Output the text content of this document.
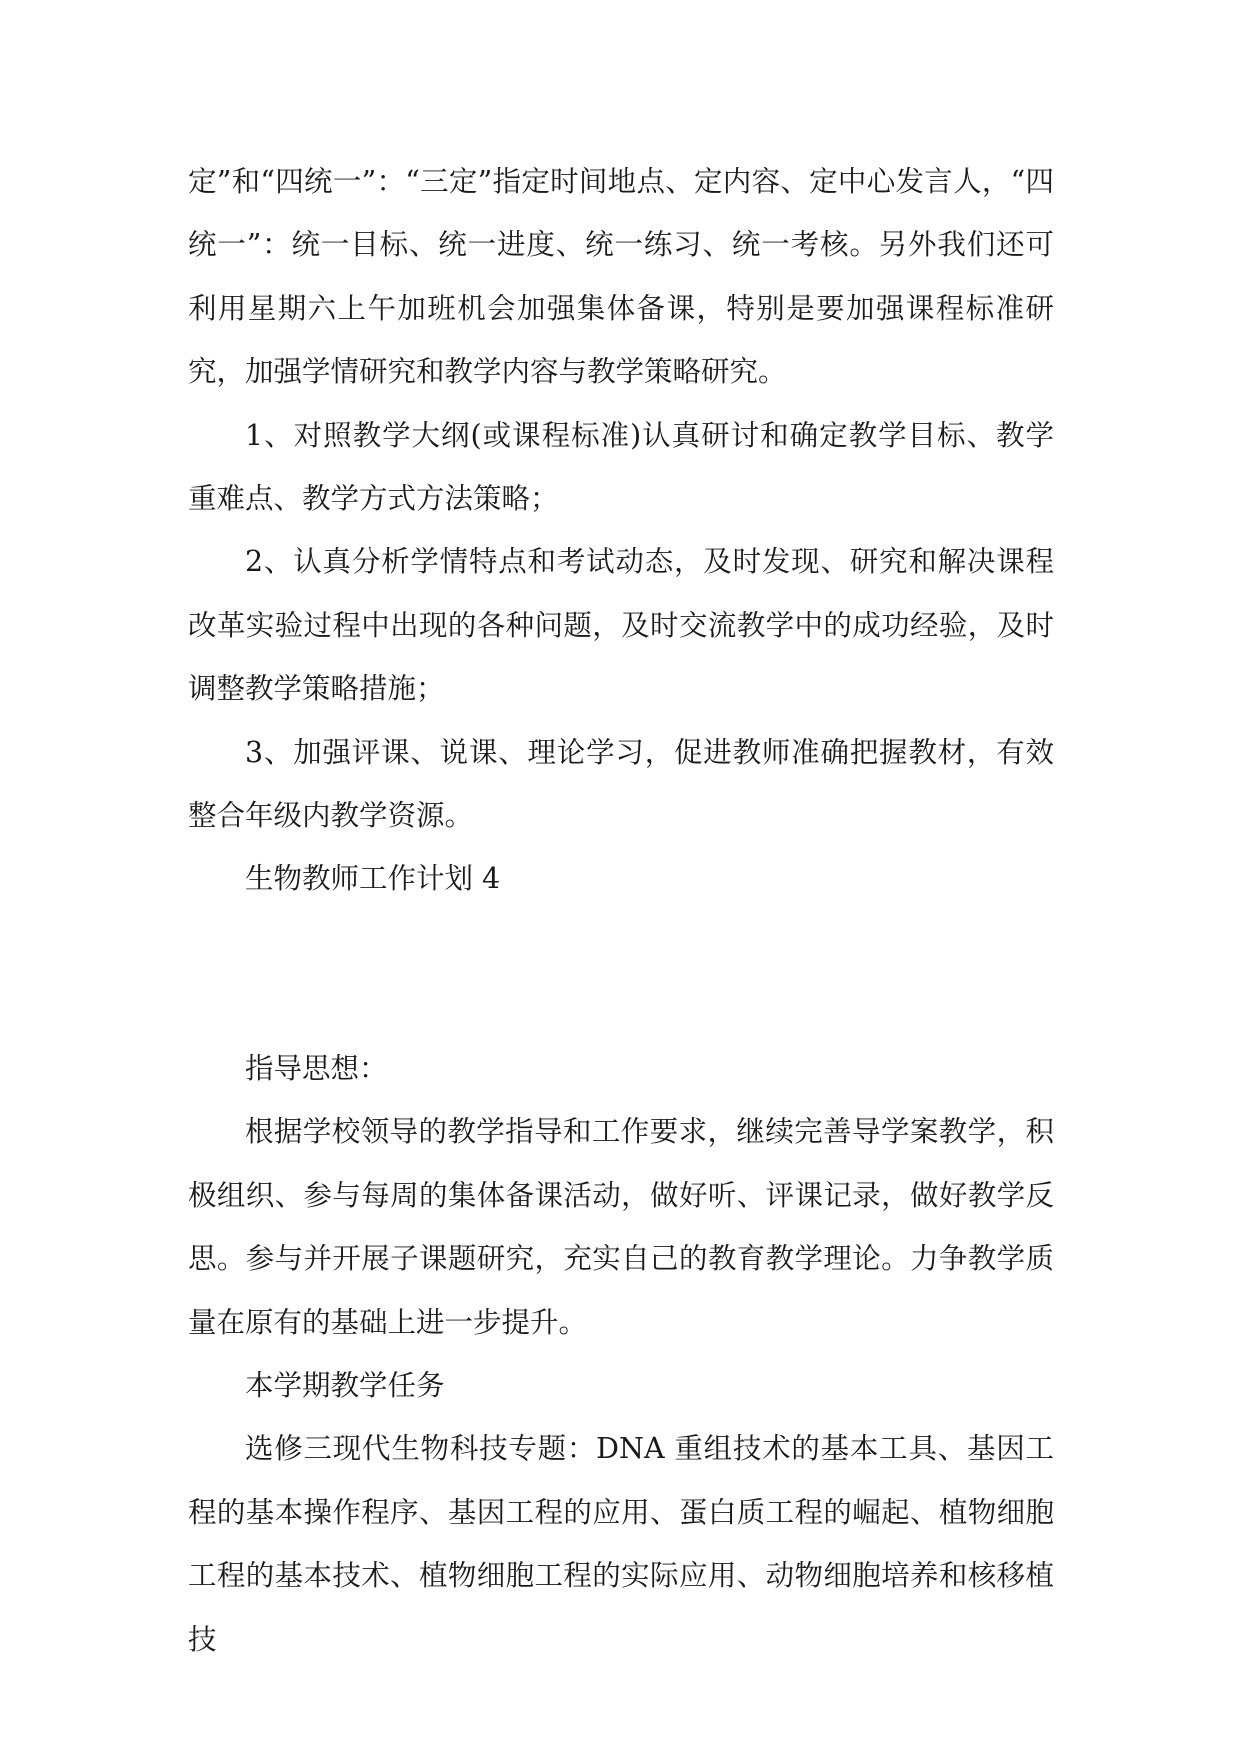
定”和“四统一”：“三定”指定时间地点、定内容、定中心发言人，“四统一”：统一目标、统一进度、统一练习、统一考核。另外我们还可利用星期六上午加班机会加强集体备课，特别是要加强课程标准研究，加强学情研究和教学内容与教学策略研究。

1、对照教学大纲(或课程标准)认真研讨和确定教学目标、教学重难点、教学方式方法策略；

2、认真分析学情特点和考试动态，及时发现、研究和解决课程改革实验过程中出现的各种问题，及时交流教学中的成功经验，及时调整教学策略措施；

3、加强评课、说课、理论学习，促进教师准确把握教材，有效整合年级内教学资源。

生物教师工作计划 4

指导思想：

根据学校领导的教学指导和工作要求，继续完善导学案教学，积极组织、参与每周的集体备课活动，做好听、评课记录，做好教学反思。参与并开展子课题研究，充实自己的教育教学理论。力争教学质量在原有的基础上进一步提升。

本学期教学任务

选修三现代生物科技专题：DNA 重组技术的基本工具、基因工程的基本操作程序、基因工程的应用、蛋白质工程的崛起、植物细胞工程的基本技术、植物细胞工程的实际应用、动物细胞培养和核移植技
